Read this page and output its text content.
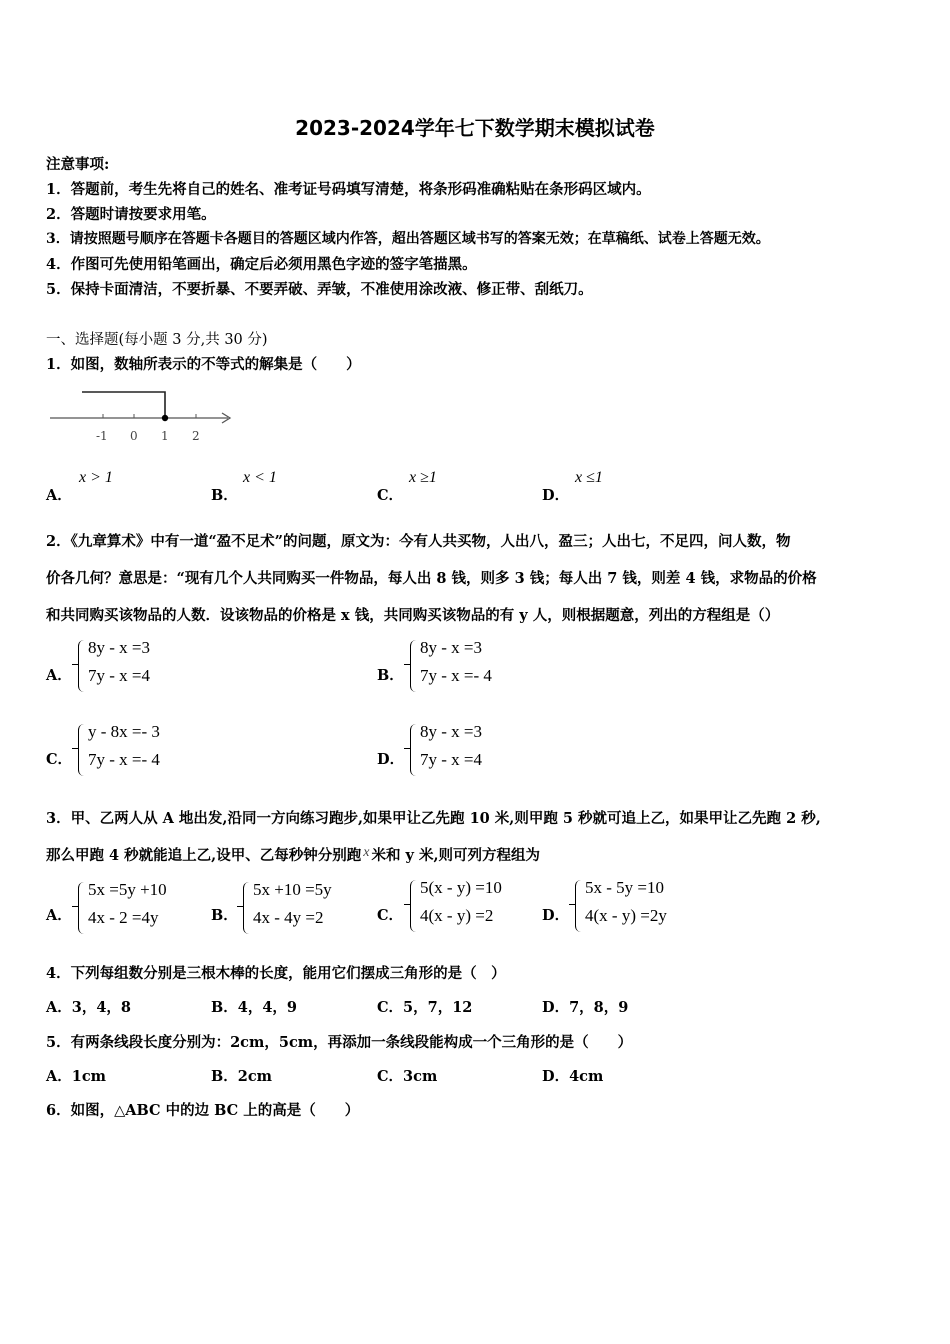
2023-2024学年七下数学期末模拟试卷
注意事项:
1．答题前，考生先将自己的姓名、准考证号码填写清楚，将条形码准确粘贴在条形码区域内。
2．答题时请按要求用笔。
3．请按照题号顺序在答题卡各题目的答题区域内作答，超出答题区域书写的答案无效；在草稿纸、试卷上答题无效。
4．作图可先使用铅笔画出，确定后必须用黑色字迹的签字笔描黑。
5．保持卡面清洁，不要折暴、不要弄破、弄皱，不准使用涂改液、修正带、刮纸刀。
一、选择题(每小题 3 分,共 30 分)
1．如图，数轴所表示的不等式的解集是（　　）
-1 0 1 2
A．
x > 1
B．
x < 1
C．
x ≥1
D．
x ≤1
2．《九章算术》中有一道“盈不足术”的问题，原文为：今有人共买物，人出八，盈三；人出七，不足四，问人数，物
价各几何？意思是：“现有几个人共同购买一件物品，每人出 8 钱，则多 3 钱；每人出 7 钱，则差 4 钱，求物品的价格
和共同购买该物品的人数．设该物品的价格是 x 钱，共同购买该物品的有 y 人，则根据题意，列出的方程组是（）
A．
8y - x =3
7y - x =4	B．
8y - x =3
7y - x =- 4
C．
y - 8x =- 3
7y - x =- 4	D．
8y - x =3
7y - x =4
3．甲、乙两人从 A 地出发,沿同一方向练习跑步,如果甲让乙先跑 10 米,则甲跑 5 秒就可追上乙，如果甲让乙先跑 2 秒,
那么甲跑 4 秒就能追上乙,设甲、乙每秒钟分别跑 x 米和 y 米,则可列方程组为
A．
5x =5y +10
4x - 2 =4y	B．
5x +10 =5y
4x - 4y =2	C．
5(x - y) =10
4(x - y) =2	D．
5x - 5y =10
4(x - y) =2y
4．下列每组数分别是三根木棒的长度，能用它们摆成三角形的是（　）
A．3，4，8	B．4，4，9	C．5，7，12	D．7，8，9
5．有两条线段长度分别为：2cm，5cm，再添加一条线段能构成一个三角形的是（　　）
A．1cm	B．2cm	C．3cm	D．4cm
6．如图，△ABC 中的边 BC 上的高是（　　）
